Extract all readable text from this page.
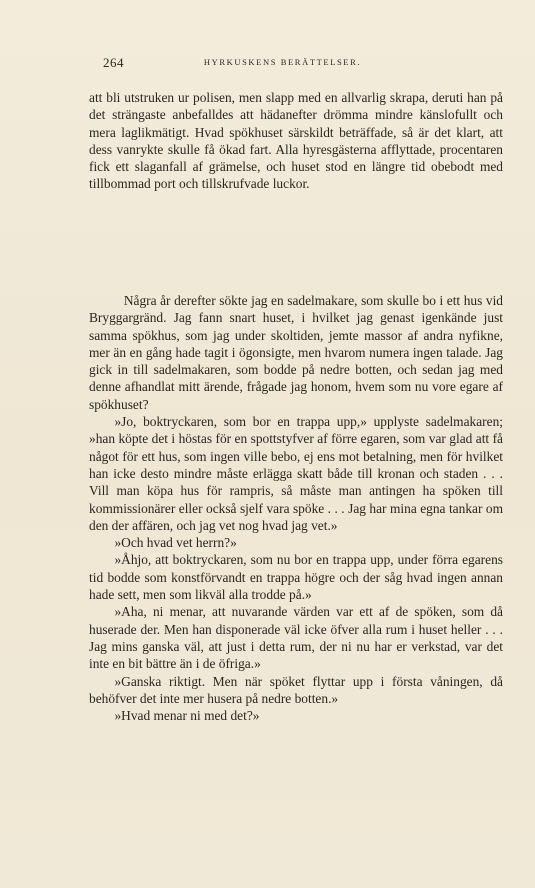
264	HYRKUSKENS BERÄTTELSER.

att bli utstruken ur polisen, men slapp med en allvarlig skrapa, deruti han på det strängaste anbefalldes att hädanefter drömma mindre känslofullt och mera laglikmätigt. Hvad spökhuset särskildt beträffade, så är det klart, att dess vanrykte skulle få ökad fart. Alla hyresgästerna afflyttade, procentaren fick ett slaganfall af grämelse, och huset stod en längre tid obebodt med tillbommad port och tillskrufvade luckor.

Några år derefter sökte jag en sadelmakare, som skulle bo i ett hus vid Bryggargränd. Jag fann snart huset, i hvilket jag genast igenkände just samma spökhus, som jag under skoltiden, jemte massor af andra nyfikne, mer än en gång hade tagit i ögonsigte, men hvarom numera ingen talade. Jag gick in till sadelmakaren, som bodde på nedre botten, och sedan jag med denne afhandlat mitt ärende, frågade jag honom, hvem som nu vore egare af spökhuset?

»Jo, boktryckaren, som bor en trappa upp,» upplyste sadelmakaren; »han köpte det i höstas för en spottstyfver af förre egaren, som var glad att få något för ett hus, som ingen ville bebo, ej ens mot betalning, men för hvilket han icke desto mindre måste erlägga skatt både till kronan och staden . . . Vill man köpa hus för rampris, så måste man antingen ha spöken till kommissionärer eller också sjelf vara spöke . . . Jag har mina egna tankar om den der affären, och jag vet nog hvad jag vet.»

»Och hvad vet herrn?»

»Åhjo, att boktryckaren, som nu bor en trappa upp, under förra egarens tid bodde som konstförvandt en trappa högre och der såg hvad ingen annan hade sett, men som likväl alla trodde på.»

»Aha, ni menar, att nuvarande värden var ett af de spöken, som då huserade der. Men han disponerade väl icke öfver alla rum i huset heller . . . Jag mins ganska väl, att just i detta rum, der ni nu har er verkstad, var det inte en bit bättre än i de öfriga.»

»Ganska riktigt. Men när spöket flyttar upp i första våningen, då behöfver det inte mer husera på nedre botten.»

»Hvad menar ni med det?»
